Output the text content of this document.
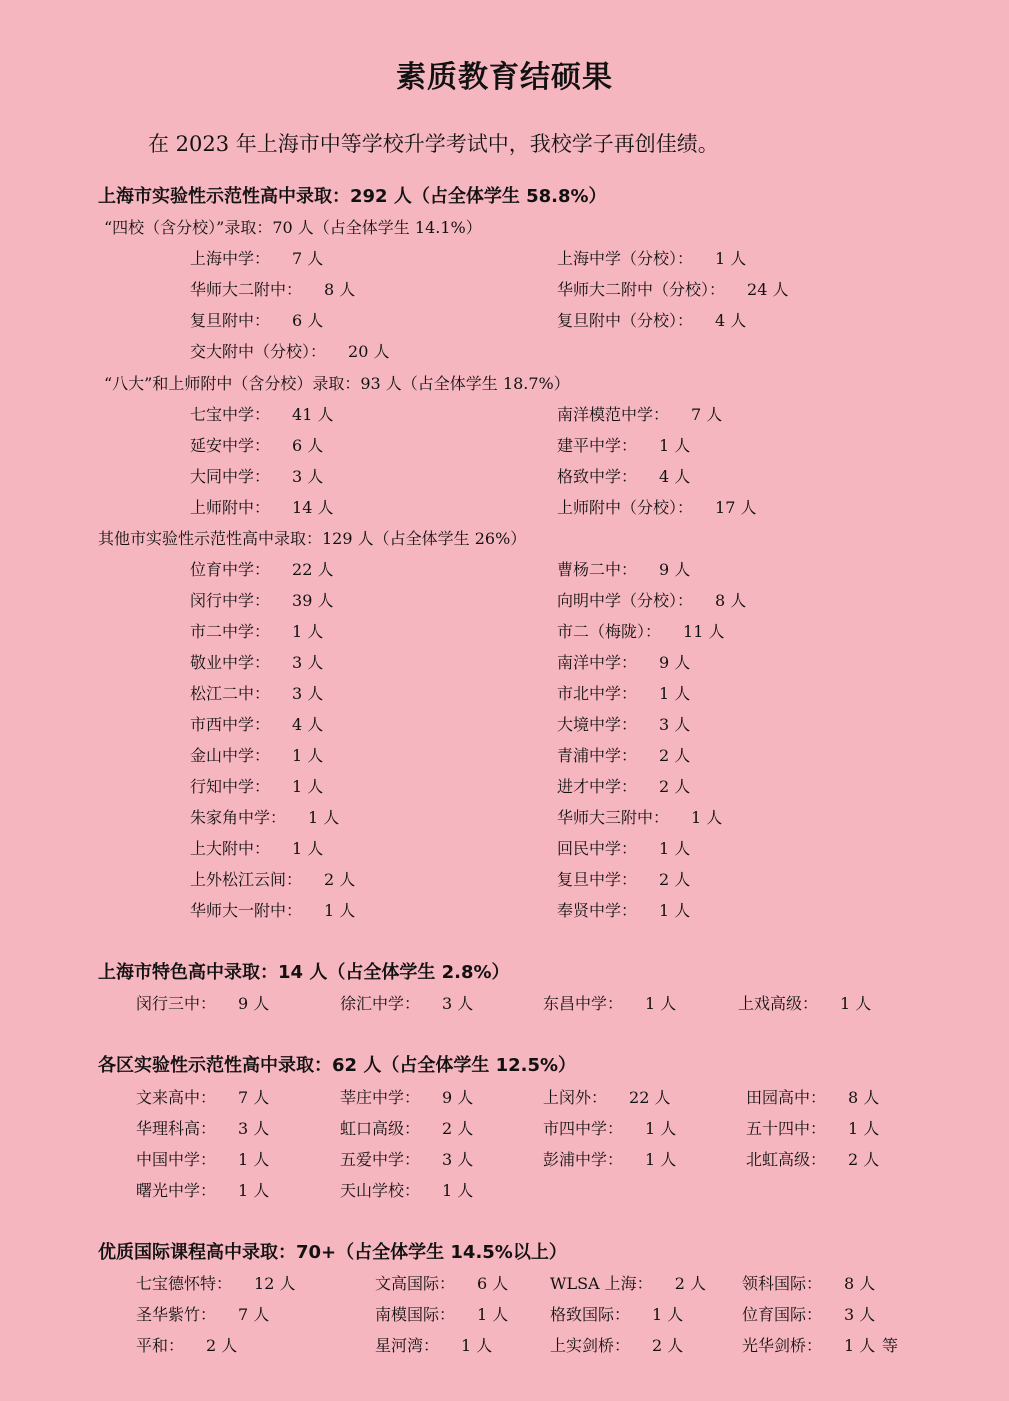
素质教育结硕果
在 2023 年上海市中等学校升学考试中，我校学子再创佳绩。
上海市实验性示范性高中录取：292 人（占全体学生 58.8%）
“四校（含分校）”录取：70 人（占全体学生 14.1%）
上海中学： 7 人	上海中学（分校）： 1 人
华师大二附中： 8 人	华师大二附中（分校）： 24 人
复旦附中： 6 人	复旦附中（分校）： 4 人
交大附中（分校）： 20 人
“八大”和上师附中（含分校）录取：93 人（占全体学生 18.7%）
七宝中学： 41 人	南洋模范中学： 7 人
延安中学： 6 人	建平中学： 1 人
大同中学： 3 人	格致中学： 4 人
上师附中： 14 人	上师附中（分校）： 17 人
其他市实验性示范性高中录取：129 人（占全体学生 26%）
位育中学： 22 人	曹杨二中： 9 人
闵行中学： 39 人	向明中学（分校）： 8 人
市二中学： 1 人	市二（梅陇）： 11 人
敬业中学： 3 人	南洋中学： 9 人
松江二中： 3 人	市北中学： 1 人
市西中学： 4 人	大境中学： 3 人
金山中学： 1 人	青浦中学： 2 人
行知中学： 1 人	进才中学： 2 人
朱家角中学： 1 人	华师大三附中： 1 人
上大附中： 1 人	回民中学： 1 人
上外松江云间： 2 人	复旦中学： 2 人
华师大一附中： 1 人	奉贤中学： 1 人
上海市特色高中录取：14 人（占全体学生 2.8%）
闵行三中： 9 人	徐汇中学： 3 人	东昌中学： 1 人	上戏高级： 1 人
各区实验性示范性高中录取：62 人（占全体学生 12.5%）
文来高中： 7 人	莘庄中学： 9 人	上闵外： 22 人	田园高中： 8 人
华理科高： 3 人	虹口高级： 2 人	市四中学： 1 人	五十四中： 1 人
中国中学： 1 人	五爱中学： 3 人	彭浦中学： 1 人	北虹高级： 2 人
曙光中学： 1 人	天山学校： 1 人
优质国际课程高中录取：70+（占全体学生 14.5%以上）
七宝德怀特： 12 人	文高国际： 6 人	WLSA 上海： 2 人 领科国际： 8 人
圣华紫竹： 7 人	南模国际： 1 人	格致国际： 1 人	位育国际： 3 人
平和： 2 人	星河湾： 1 人	上实剑桥： 2 人	光华剑桥： 1 人 等
